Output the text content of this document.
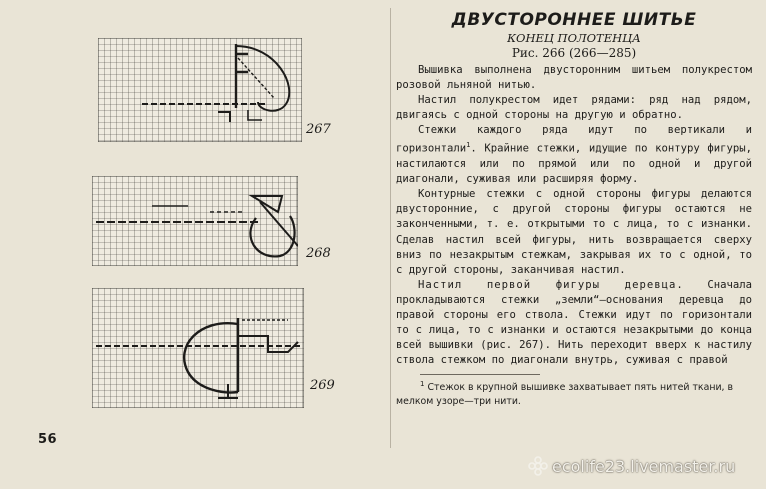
267
268
269
56
ДВУСТОРОННЕЕ ШИТЬЕ
КОНЕЦ ПОЛОТЕНЦА
Рис. 266 (266—285)

Вышивка выполнена двусторонним шитьем полукрестом розовой льняной нитью.

Настил полукрестом идет рядами: ряд над рядом, двигаясь с одной стороны на другую и обратно.

Стежки каждого ряда идут по вертикали и горизонтали$^1$. Крайние стежки, идущие по контуру фигуры, настилаются или по прямой или по одной и другой диагонали, суживая или расширяя форму.

Контурные стежки с одной стороны фигуры делаются двусторонние, с другой стороны фигуры остаются не законченными, т. е. открытыми то с лица, то с изнанки. Сделав настил всей фигуры, нить возвращается сверху вниз по незакрытым стежкам, закрывая их то с одной, то с другой стороны, заканчивая настил.

Настил первой фигуры деревца. Сначала прокладываются стежки „земли“—основания деревца до правой стороны его ствола. Стежки идут по горизонтали то с лица, то с изнанки и остаются незакрытыми до конца всей вышивки (рис. 267). Нить переходит вверх к настилу ствола стежком по диагонали внутрь, суживая с правой

$^1$ Стежок в крупной вышивке захватывает пять нитей ткани, в мелком узоре—три нити.

ecolife23.livemaster.ru
